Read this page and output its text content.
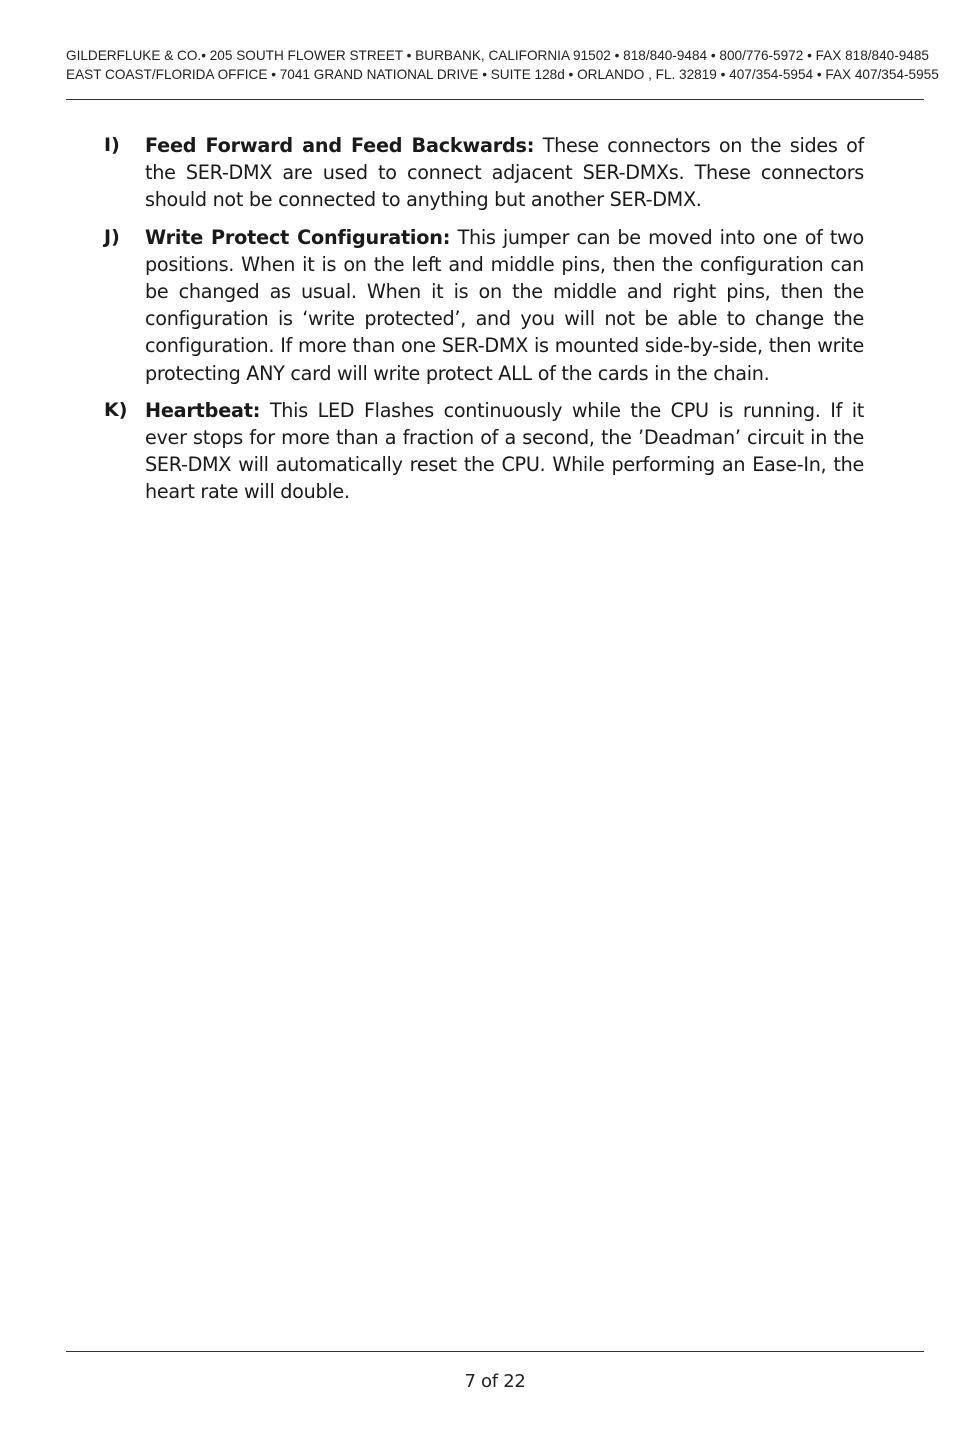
GILDERFLUKE & CO.• 205 SOUTH FLOWER STREET • BURBANK, CALIFORNIA 91502 • 818/840-9484 • 800/776-5972 • FAX 818/840-9485
EAST COAST/FLORIDA OFFICE • 7041 GRAND NATIONAL DRIVE • SUITE 128d • ORLANDO , FL. 32819 • 407/354-5954 • FAX 407/354-5955
I) Feed Forward and Feed Backwards: These connectors on the sides of the SER-DMX are used to connect adjacent SER-DMXs. These connectors should not be connected to anything but another SER-DMX.
J) Write Protect Configuration: This jumper can be moved into one of two positions. When it is on the left and middle pins, then the configuration can be changed as usual. When it is on the middle and right pins, then the configuration is ‘write protected’, and you will not be able to change the configuration. If more than one SER-DMX is mounted side-by-side, then write protecting ANY card will write protect ALL of the cards in the chain.
K) Heartbeat: This LED Flashes continuously while the CPU is running. If it ever stops for more than a fraction of a second, the ’Deadman’ circuit in the SER-DMX will automatically reset the CPU. While performing an Ease-In, the heart rate will double.
7 of 22
